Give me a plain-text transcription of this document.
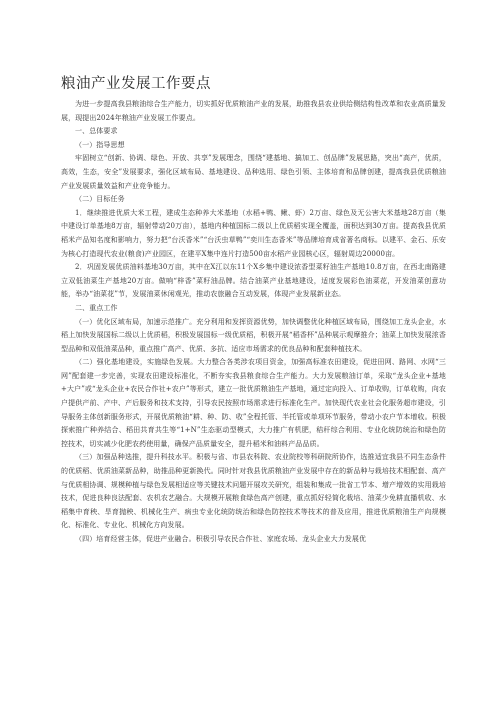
粮油产业发展工作要点

为进一步提高我县粮油综合生产能力，切实抓好优质粮油产业的发展，助推我县农业供给侧结构性改革和农业高质量发展，现提出2024年粮油产业发展工作要点。

一、总体要求

（一）指导思想

牢固树立“创新、协调、绿色、开放、共享”发展理念，围绕“建基地、搞加工、创品牌”发展思路，突出“高产，优质，高效，生态，安全”发展要求，强化区域布局、基地建设、品种选用、绿色引领、主体培育和品牌创建，提高我县优质粮油产业发展质量效益和产业竞争能力。

（二）目标任务

1．继续推进优质大米工程，建成生态种养大米基地（水稻+鸭、鳅、虾）2万亩、绿色及无公害大米基地28万亩（集中建设订单基地8万亩，辐射带动20万亩），基地内种植国标二级以上优质稻实现全覆盖，面积达到30万亩。提高我县优质稻米产品知名度和影响力，努力把“台沃香米”“台沃虫草鸭”“奕川生态香米”等品牌培育成省著名商标。以建平、金石、乐安为核心打造现代农业(粮食)产业园区，在建平X集中连片打造500亩水稻产业园核心区，辐射周边20000亩。

2．巩固发展优质油料基地30万亩，其中在X江以东11个X乡集中建设浓香型菜籽油生产基地10.8万亩，在西北南路建立双低油菜生产基地20万亩。做响“梓香”菜籽油品牌。结合油菜产业基地建设，适度发展彩色油菜花，开发油菜创意功能，举办“油菜花”节，发展油菜休闲观光，推动农旅融合互动发展，体现产业发展新业态。

二、重点工作

（一）优化区域布局，加速示范推广。充分利用和发挥资源优势，加快调整优化种植区域布局，围绕加工龙头企业，水稻上加快发展国标二级以上优质稻，积极发展国标一级优质稻，积极开展“稻香杯”品种展示观摩推介；油菜上加快发展浓香型品种和双低油菜品种，重点推广高产、优质、多抗、适应市场需求的优良品种和配套种植技术。

（二）强化基地建设，实施绿色发展。大力整合各类涉农项目资金，加强高标准农田建设，促进田网、路网、水网“三网”配套建一步完善，实现农田建设标准化，不断夯实我县粮食综合生产能力。大力发展粮油订单，采取“龙头企业+基地+大户”或“龙头企业+农民合作社+农户”等形式，建立一批优质粮油生产基地，通过定向投入、订单收购，订单收购，向农户提供产前、产中、产后服务和技术支持，引导农民按照市场需求进行标准化生产。加快现代农业社会化服务超市建设，引导服务主体创新服务形式，开展优质粮油“耕、种、防、收”全程托管、半托管或单项环节服务，带动小农户节本增收。积极探索推广种养结合、稻田共育共生等“1+N”生态驱动型模式，大力推广有机肥，秸秆综合利用、专业化统防统治和绿色防控技术，切实减少化肥农药使用量，确保产品质量安全，提升稻米和油料产品品质。

（三）加强品种选推，提升科技水平。积极与省、市县农科院、农业院校等科研院所协作，选推适宜我县不同生态条件的优质稻、优质油菜新品种，助推品种更新换代。同时针对我县优质粮油产业发展中存在的新品种与栽培技术相配套、高产与优质相协调、规模种植与绿色发展相适应等关键技术问题开展攻关研究，组装和集成一批省工节本、增产增效的实用栽培技术，促进良种良法配套、农机农艺融合。大规模开展粮食绿色高产创建，重点抓好轻简化栽培、油菜少免耕直播机收、水稻集中育秧、旱育抛秧、机械化生产、病虫专业化统防统治和绿色防控技术等技术的普及应用，推进优质粮油生产向规模化、标准化、专业化、机械化方向发展。

（四）培育经营主体，促进产业融合。积极引导农民合作社、家庭农场、龙头企业大力发展优
